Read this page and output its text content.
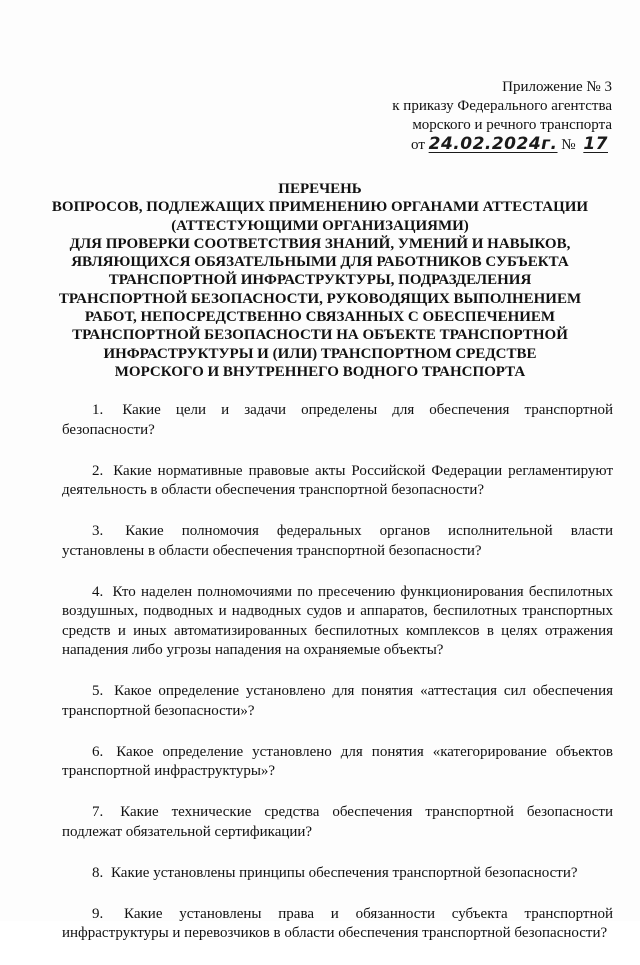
Приложение № 3
к приказу Федерального агентства
морского и речного транспорта
от 24.02.2024г. № 17
ПЕРЕЧЕНЬ
ВОПРОСОВ, ПОДЛЕЖАЩИХ ПРИМЕНЕНИЮ ОРГАНАМИ АТТЕСТАЦИИ
(АТТЕСТУЮЩИМИ ОРГАНИЗАЦИЯМИ)
ДЛЯ ПРОВЕРКИ СООТВЕТСТВИЯ ЗНАНИЙ, УМЕНИЙ И НАВЫКОВ,
ЯВЛЯЮЩИХСЯ ОБЯЗАТЕЛЬНЫМИ ДЛЯ РАБОТНИКОВ СУБЪЕКТА
ТРАНСПОРТНОЙ ИНФРАСТРУКТУРЫ, ПОДРАЗДЕЛЕНИЯ
ТРАНСПОРТНОЙ БЕЗОПАСНОСТИ, РУКОВОДЯЩИХ ВЫПОЛНЕНИЕМ
РАБОТ, НЕПОСРЕДСТВЕННО СВЯЗАННЫХ С ОБЕСПЕЧЕНИЕМ
ТРАНСПОРТНОЙ БЕЗОПАСНОСТИ НА ОБЪЕКТЕ ТРАНСПОРТНОЙ
ИНФРАСТРУКТУРЫ И (ИЛИ) ТРАНСПОРТНОМ СРЕДСТВЕ
МОРСКОГО И ВНУТРЕННЕГО ВОДНОГО ТРАНСПОРТА

1. Какие цели и задачи определены для обеспечения транспортной безопасности?

2. Какие нормативные правовые акты Российской Федерации регламентируют деятельность в области обеспечения транспортной безопасности?

3. Какие полномочия федеральных органов исполнительной власти установлены в области обеспечения транспортной безопасности?

4. Кто наделен полномочиями по пресечению функционирования беспилотных воздушных, подводных и надводных судов и аппаратов, беспилотных транспортных средств и иных автоматизированных беспилотных комплексов в целях отражения нападения либо угрозы нападения на охраняемые объекты?

5. Какое определение установлено для понятия «аттестация сил обеспечения транспортной безопасности»?

6. Какое определение установлено для понятия «категорирование объектов транспортной инфраструктуры»?

7. Какие технические средства обеспечения транспортной безопасности подлежат обязательной сертификации?

8. Какие установлены принципы обеспечения транспортной безопасности?

9. Какие установлены права и обязанности субъекта транспортной инфраструктуры и перевозчиков в области обеспечения транспортной безопасности?
